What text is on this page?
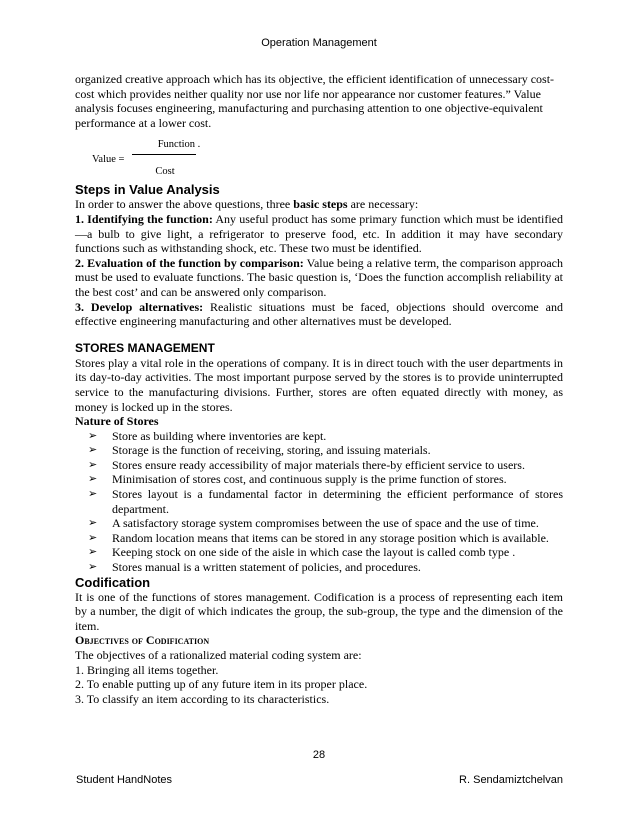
Operation Management

organized creative approach which has its objective, the efficient identification of unnecessary cost-cost which provides neither quality nor use nor life nor appearance nor customer features.” Value analysis focuses engineering, manufacturing and purchasing attention to one objective-equivalent performance at a lower cost.

Value =
Function .
Cost
Steps in Value Analysis

In order to answer the above questions, three basic steps are necessary:

1. Identifying the function: Any useful product has some primary function which must be identified—a bulb to give light, a refrigerator to preserve food, etc. In addition it may have secondary functions such as withstanding shock, etc. These two must be identified.

2. Evaluation of the function by comparison: Value being a relative term, the comparison approach must be used to evaluate functions. The basic question is, ‘Does the function accomplish reliability at the best cost’ and can be answered only comparison.

3. Develop alternatives: Realistic situations must be faced, objections should overcome and effective engineering manufacturing and other alternatives must be developed.

STORES MANAGEMENT

Stores play a vital role in the operations of company. It is in direct touch with the user departments in its day-to-day activities. The most important purpose served by the stores is to provide uninterrupted service to the manufacturing divisions. Further, stores are often equated directly with money, as money is locked up in the stores.

Nature of Stores
➢ Store as building where inventories are kept.
➢ Storage is the function of receiving, storing, and issuing materials.
➢ Stores ensure ready accessibility of major materials there-by efficient service to users.
➢ Minimisation of stores cost, and continuous supply is the prime function of stores.
➢ Stores layout is a fundamental factor in determining the efficient performance of stores department.
➢ A satisfactory storage system compromises between the use of space and the use of time.
➢ Random location means that items can be stored in any storage position which is available.
➢ Keeping stock on one side of the aisle in which case the layout is called comb type .
➢ Stores manual is a written statement of policies, and procedures.
Codification

It is one of the functions of stores management. Codification is a process of representing each item by a number, the digit of which indicates the group, the sub-group, the type and the dimension of the item.

Objectives of Codification

The objectives of a rationalized material coding system are:

1. Bringing all items together.

2. To enable putting up of any future item in its proper place.

3. To classify an item according to its characteristics.

28
Student HandNotes	R. Sendamiztchelvan
